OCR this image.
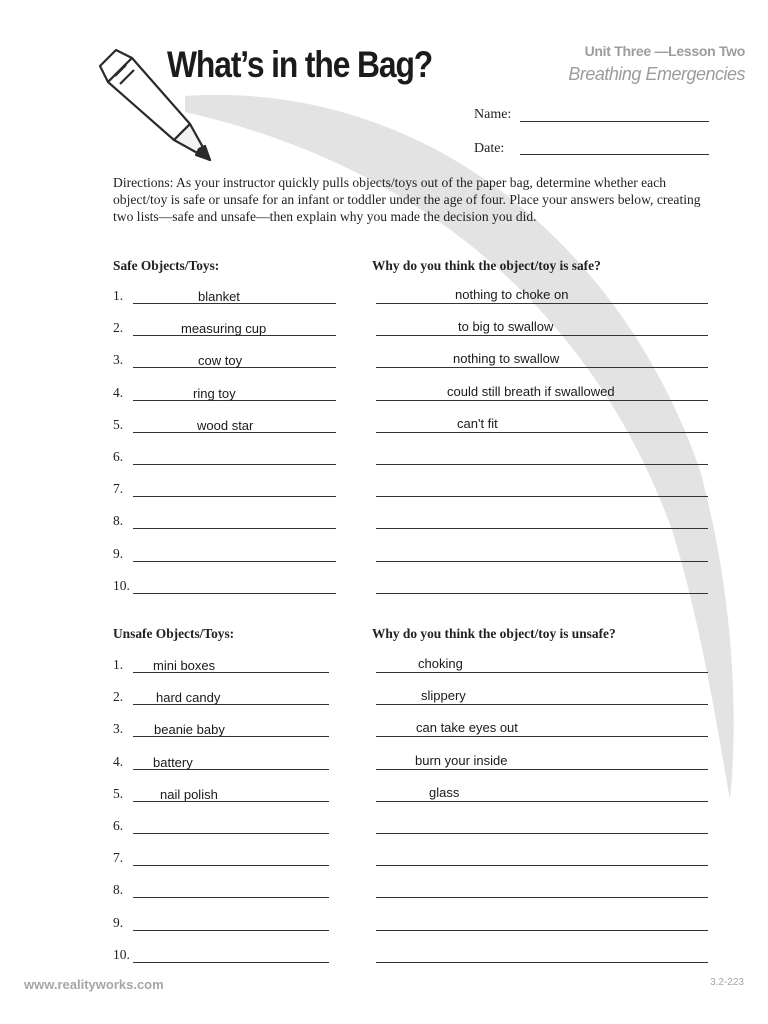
What’s in the Bag?	Unit Three —Lesson Two
Breathing Emergencies
Name:
Date:
Directions: As your instructor quickly pulls objects/toys out of the paper bag, determine whether each object/toy is safe or unsafe for an infant or toddler under the age of four. Place your answers below, creating two lists—safe and unsafe—then explain why you made the decision you did.
Safe Objects/Toys:	Why do you think the object/toy is safe?
1.	blanket	nothing to choke on
2.	measuring cup	to big to swallow
3.	cow toy	nothing to swallow
4.	ring toy	could still breath if swallowed
5.	wood star	can't fit
6.
7.
8.
9.
10.
Unsafe Objects/Toys:	Why do you think the object/toy is unsafe?
1. mini boxes	choking
2.	hard candy	slippery
3. beanie baby	can take eyes out
4. battery	burn your inside
5.	nail polish	glass
6.
7.
8.
9.
10.
www.realityworks.com	3.2-223
